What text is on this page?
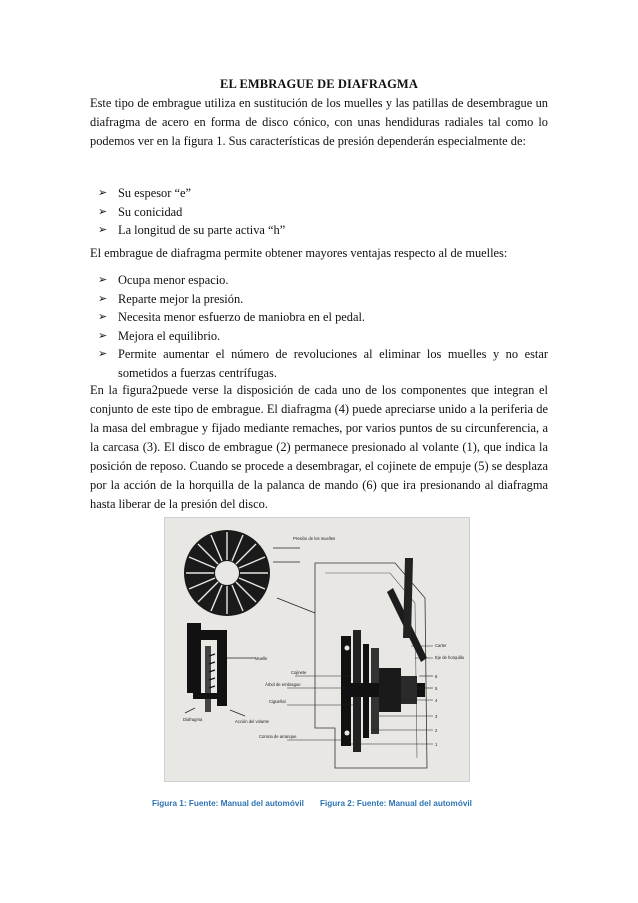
EL EMBRAGUE DE DIAFRAGMA

Este tipo de embrague utiliza en sustitución de los muelles y las patillas de desembrague un diafragma de acero en forma de disco cónico, con unas hendiduras radiales tal como lo podemos ver en la figura 1. Sus características de presión dependerán especialmente de:

➢ Su espesor “e”
➢ Su conicidad
➢ La longitud de su parte activa “h”

El embrague de diafragma permite obtener mayores ventajas respecto al de muelles:

➢ Ocupa menor espacio.
➢ Reparte mejor la presión.
➢ Necesita menor esfuerzo de maniobra en el pedal.
➢ Mejora el equilibrio.
➢ Permite aumentar el número de revoluciones al eliminar los muelles y no estar sometidos a fuerzas centrífugas.

En la figura2puede verse la disposición de cada uno de los componentes que integran el conjunto de este tipo de embrague. El diafragma (4) puede apreciarse unido a la periferia de la masa del embrague y fijado mediante remaches, por varios puntos de su circunferencia, a la carcasa (3). El disco de embrague (2) permanece presionado al volante (1), que indica la posición de reposo. Cuando se procede a desembragar, el cojinete de empuje (5) se desplaza por la acción de la horquilla de la palanca de mando (6) que ira presionando al diafragma hasta liberar de la presión del disco.

Presión de los muelles
Muelle
Diafragma	Acción del volante
Carter
Eje de horquilla
6
5
4
3
2
1
Cojinete
Árbol de embrague
Cigüeñal
Corona de arranque
Figura 1: Fuente: Manual del automóvil Figura 2: Fuente: Manual del automóvil
